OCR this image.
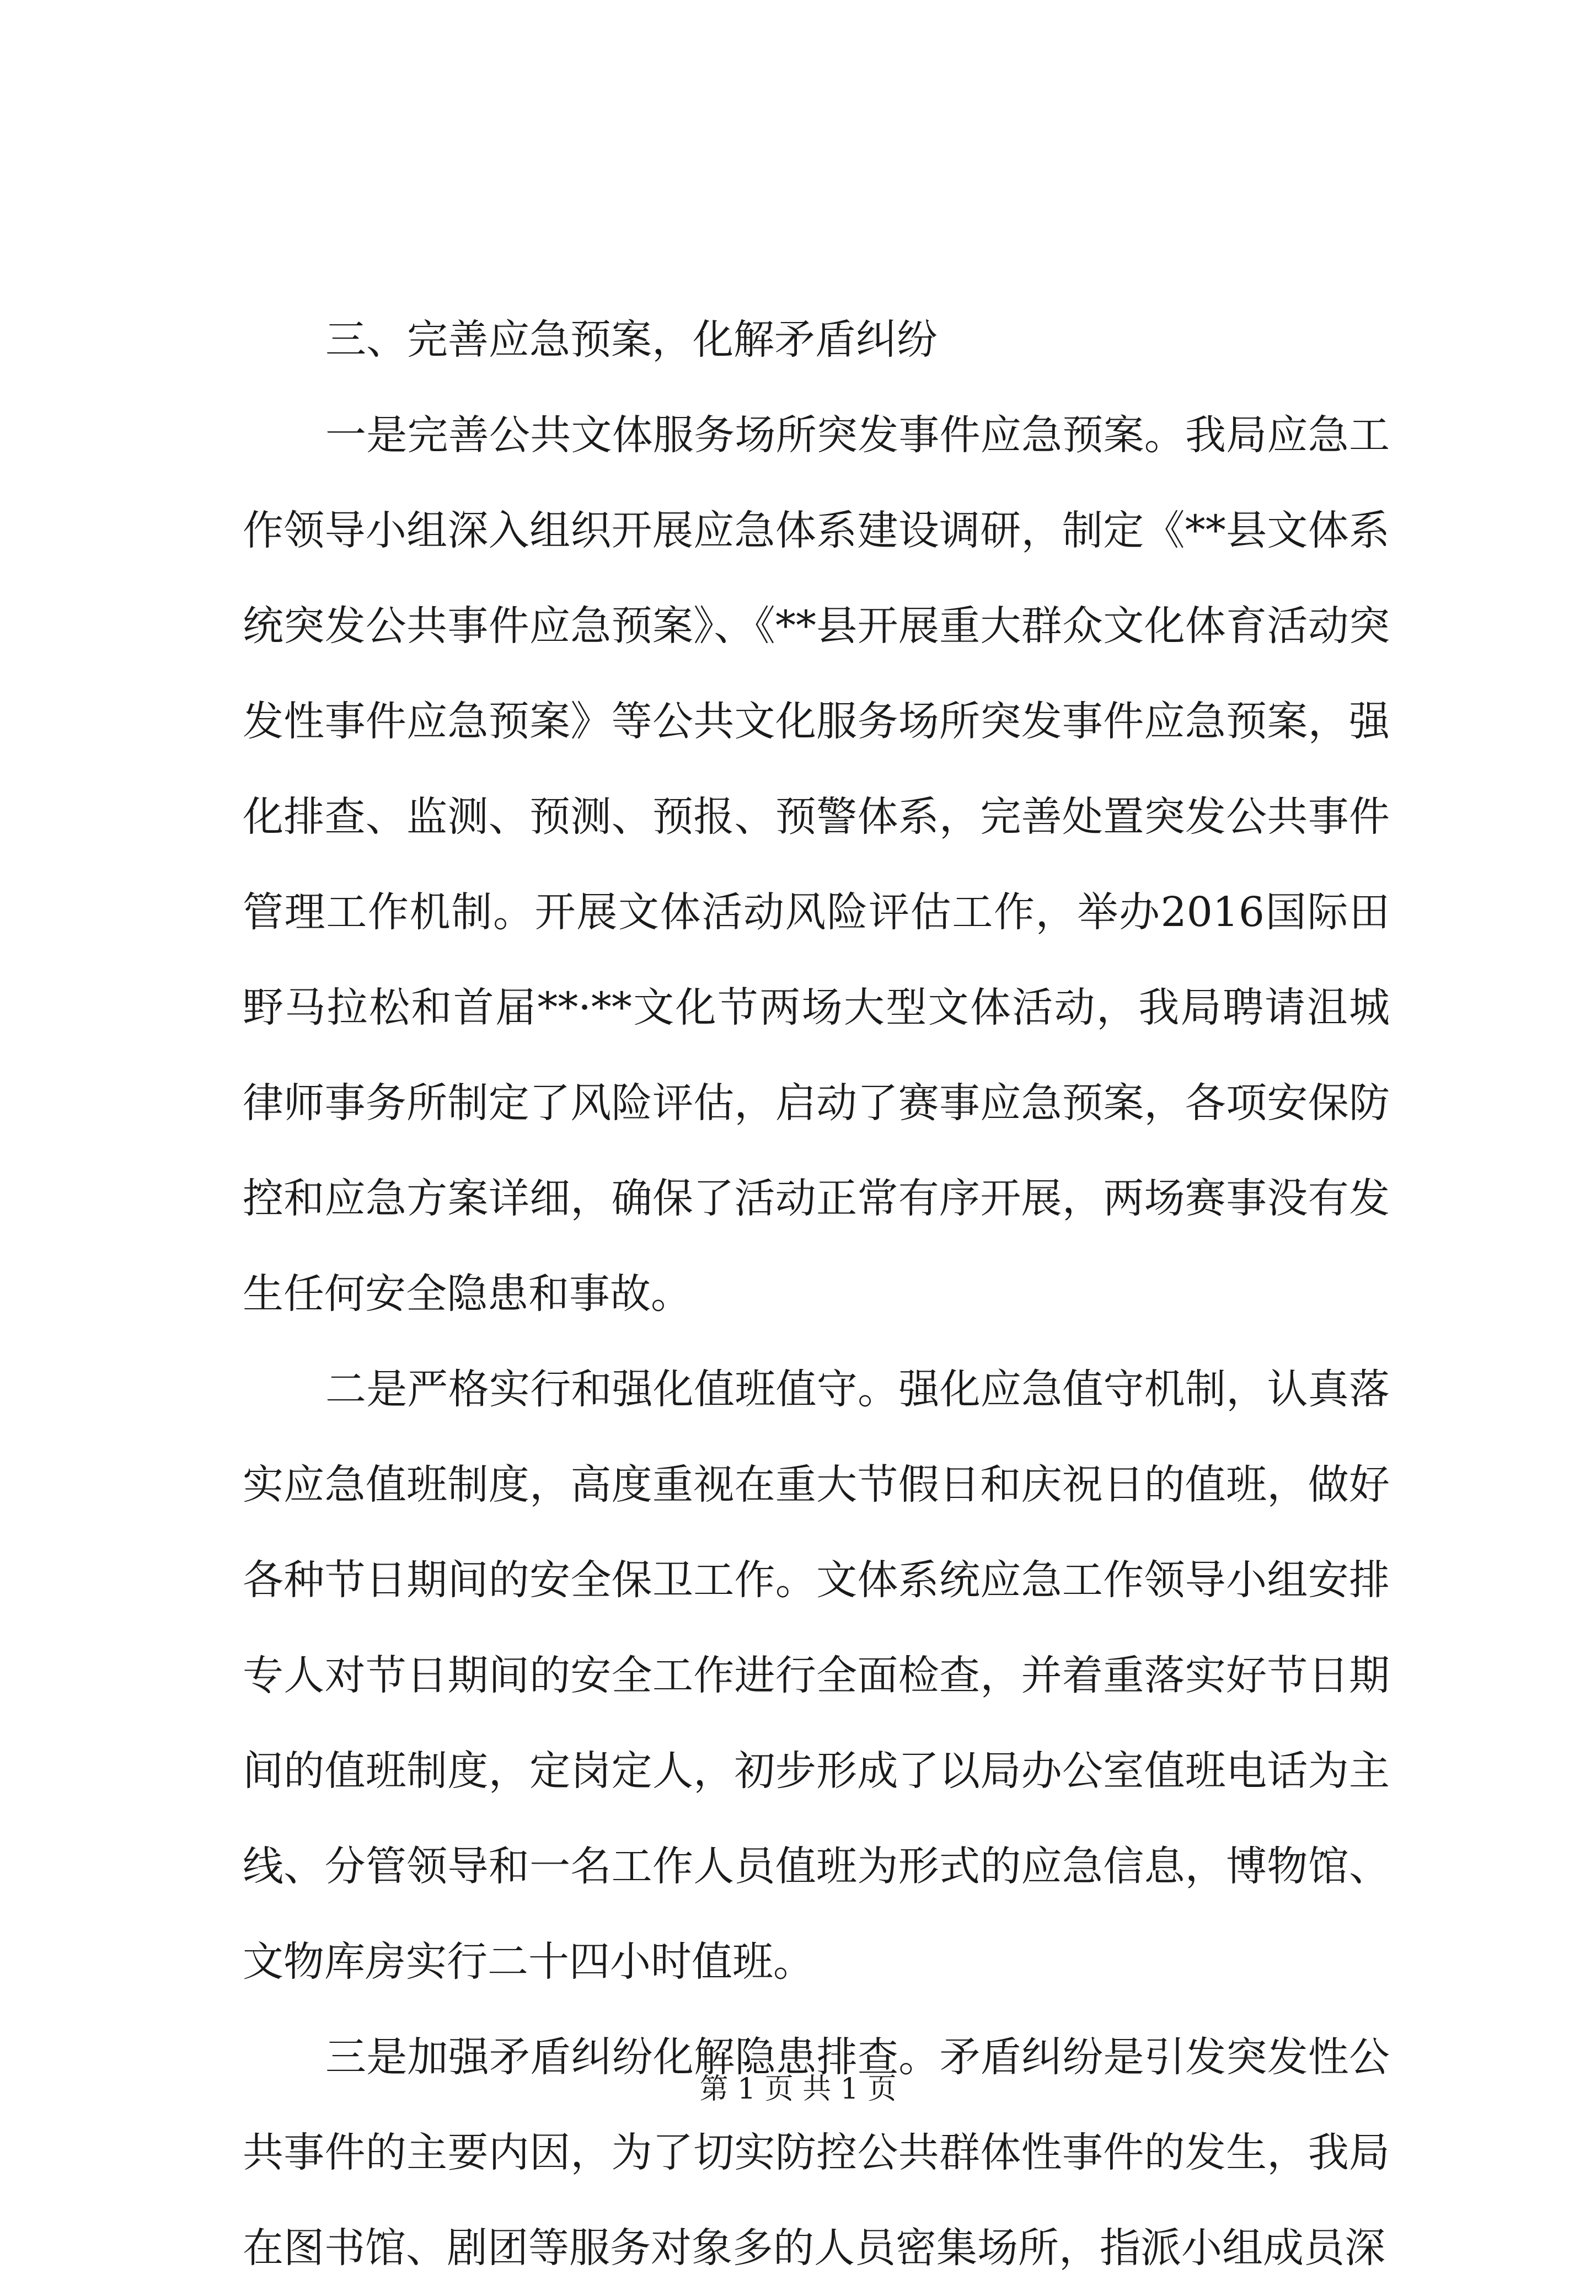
三、完善应急预案，化解矛盾纠纷

一是完善公共文体服务场所突发事件应急预案。我局应急工作领导小组深入组织开展应急体系建设调研，制定《**县文体系统突发公共事件应急预案》、《**县开展重大群众文化体育活动突发性事件应急预案》等公共文化服务场所突发事件应急预案，强化排查、监测、预测、预报、预警体系，完善处置突发公共事件管理工作机制。开展文体活动风险评估工作，举办2016国际田野马拉松和首届**·**文化节两场大型文体活动，我局聘请沮城律师事务所制定了风险评估，启动了赛事应急预案，各项安保防控和应急方案详细，确保了活动正常有序开展，两场赛事没有发生任何安全隐患和事故。

二是严格实行和强化值班值守。强化应急值守机制，认真落实应急值班制度，高度重视在重大节假日和庆祝日的值班，做好各种节日期间的安全保卫工作。文体系统应急工作领导小组安排专人对节日期间的安全工作进行全面检查，并着重落实好节日期间的值班制度，定岗定人，初步形成了以局办公室值班电话为主线、分管领导和一名工作人员值班为形式的应急信息，博物馆、文物库房实行二十四小时值班。

三是加强矛盾纠纷化解隐患排查。矛盾纠纷是引发突发性公共事件的主要内因，为了切实防控公共群体性事件的发生，我局在图书馆、剧团等服务对象多的人员密集场所，指派小组成员深

第 1 页 共 1 页
